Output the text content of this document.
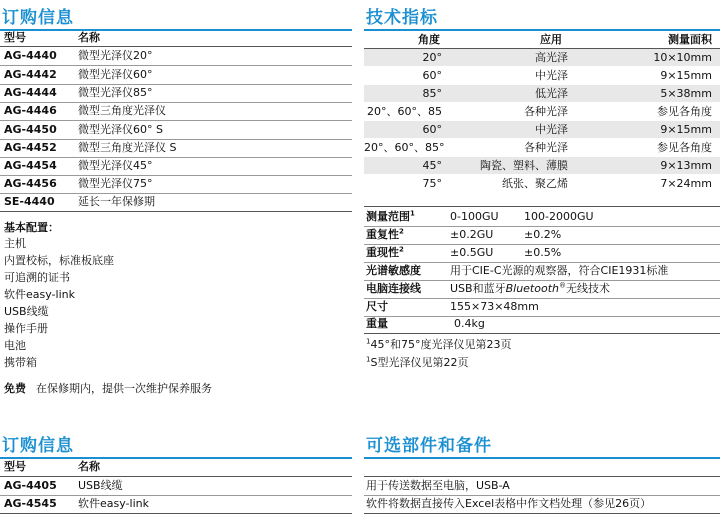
订购信息
型号	名称
AG-4440 微型光泽仪20°
AG-4442 微型光泽仪60°
AG-4444 微型光泽仪85°
AG-4446 微型三角度光泽仪
AG-4450 微型光泽仪60° S
AG-4452 微型三角度光泽仪 S
AG-4454 微型光泽仪45°
AG-4456 微型光泽仪75°
SE-4440 延长一年保修期
基本配置：
主机
内置校标，标准板底座
可追溯的证书
软件easy-link
USB线缆
操作手册
电池
携带箱
免费 在保修期内，提供一次维护保养服务
技术指标
角度	应用	测量面积
20°	高光泽	10×10mm
60°	中光泽	9×15mm
85°	低光泽	5×38mm
20°、60°、85	各种光泽	参见各角度
60°	中光泽	9×15mm
20°、60°、85°	各种光泽	参见各角度
45°	陶瓷、塑料、薄膜	9×13mm
75°	纸张、聚乙烯	7×24mm
测量范围$^1$	0-100GU 100-2000GU
重复性$^2$	±0.2GU	±0.2%
重现性$^2$	±0.5GU	±0.5%
光谱敏感度	用于CIE-C光源的观察器，符合CIE1931标准
电脑连接线	USB和蓝牙Bluetooth®无线技术
尺寸	155×73×48mm
重量	0.4kg
$^1$45°和75°度光泽仪见第23页
$^1$S型光泽仪见第22页
订购信息
型号	名称
AG-4405 USB线缆
AG-4545 软件easy-link
可选部件和备件
用于传送数据至电脑，USB-A
软件将数据直接传入Excel表格中作文档处理（参见26页）
